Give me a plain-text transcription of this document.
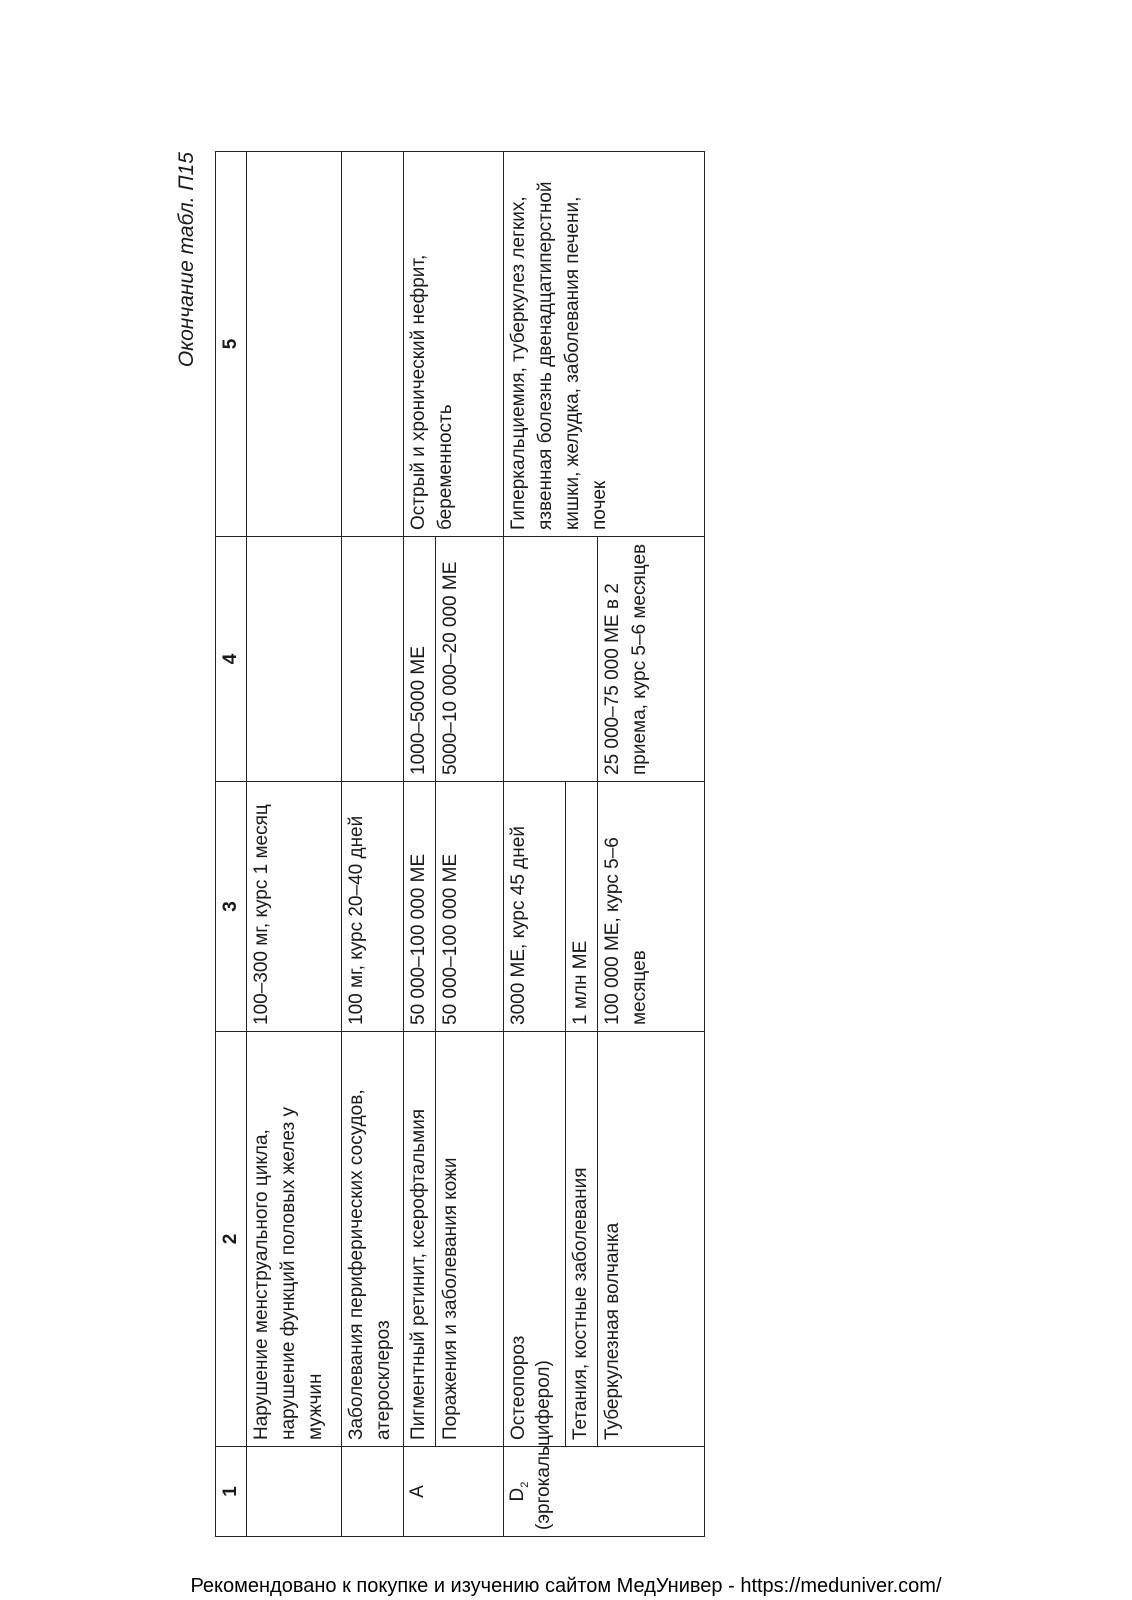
Окончание табл. П15
1	2	3	4	5
	Нарушение менструального цикла, нарушение функций половых желез у мужчин	100–300 мг, курс 1 месяц		
	Заболевания периферических сосудов, атеросклероз	100 мг, курс 20–40 дней		
А	Пигментный ретинит, ксерофтальмия	50 000–100 000 МЕ	1000–5000 МЕ	Острый и хронический нефрит, беременность
	Поражения и заболевания кожи	50 000–100 000 МЕ	5000–10 000–20 000 МЕ	
$D_2$ (эргокальциферол)	Остеопороз	3000 МЕ, курс 45 дней		Гиперкальциемия, туберкулез легких, язвенная болезнь двенадцатиперстной кишки, желудка, заболевания печени, почек
	Тетания, костные заболевания	1 млн МЕ		
	Туберкулезная волчанка	100 000 МЕ, курс 5–6 месяцев	25 000–75 000 МЕ в 2 приема, курс 5–6 месяцев	
Рекомендовано к покупке и изучению сайтом МедУнивер - https://meduniver.com/
